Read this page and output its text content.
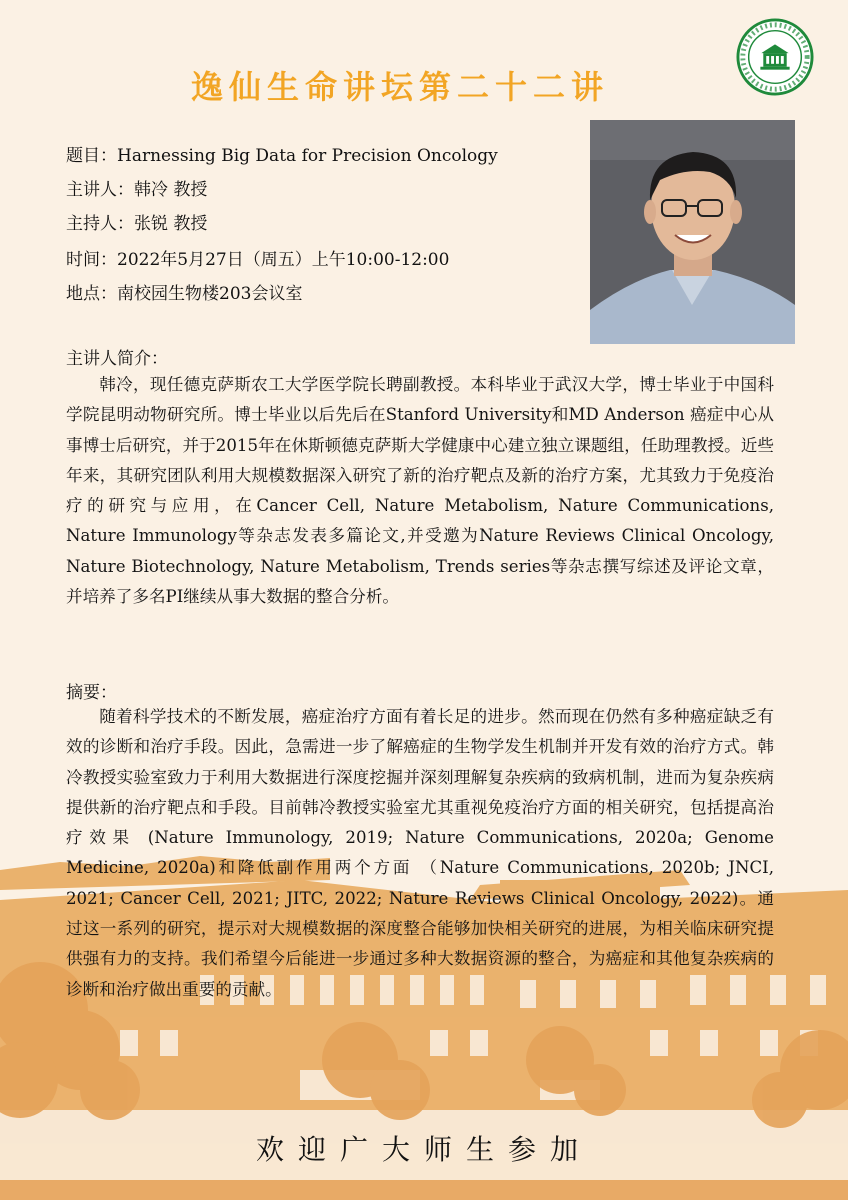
逸仙生命讲坛第二十二讲
题目：Harnessing Big Data for Precision Oncology
主讲人：韩冷 教授
主持人：张锐 教授
时间：2022年5月27日（周五）上午10:00-12:00
地点：南校园生物楼203会议室
主讲人简介：

韩冷，现任德克萨斯农工大学医学院长聘副教授。本科毕业于武汉大学，博士毕业于中国科学院昆明动物研究所。博士毕业以后先后在Stanford University和MD Anderson 癌症中心从事博士后研究，并于2015年在休斯顿德克萨斯大学健康中心建立独立课题组，任助理教授。近些年来，其研究团队利用大规模数据深入研究了新的治疗靶点及新的治疗方案，尤其致力于免疫治疗的研究与应用，在Cancer Cell, Nature Metabolism, Nature Communications, Nature Immunology等杂志发表多篇论文,并受邀为Nature Reviews Clinical Oncology, Nature Biotechnology, Nature Metabolism, Trends series等杂志撰写综述及评论文章，并培养了多名PI继续从事大数据的整合分析。

摘要：

随着科学技术的不断发展，癌症治疗方面有着长足的进步。然而现在仍然有多种癌症缺乏有效的诊断和治疗手段。因此，急需进一步了解癌症的生物学发生机制并开发有效的治疗方式。韩冷教授实验室致力于利用大数据进行深度挖掘并深刻理解复杂疾病的致病机制，进而为复杂疾病提供新的治疗靶点和手段。目前韩冷教授实验室尤其重视免疫治疗方面的相关研究，包括提高治疗效果 (Nature Immunology, 2019; Nature Communications, 2020a; Genome Medicine, 2020a)和降低副作用两个方面 （Nature Communications, 2020b; JNCI, 2021; Cancer Cell, 2021; JITC, 2022; Nature Reviews Clinical Oncology, 2022)。通过这一系列的研究，提示对大规模数据的深度整合能够加快相关研究的进展，为相关临床研究提供强有力的支持。我们希望今后能进一步通过多种大数据资源的整合，为癌症和其他复杂疾病的诊断和治疗做出重要的贡献。

欢迎广大师生参加
